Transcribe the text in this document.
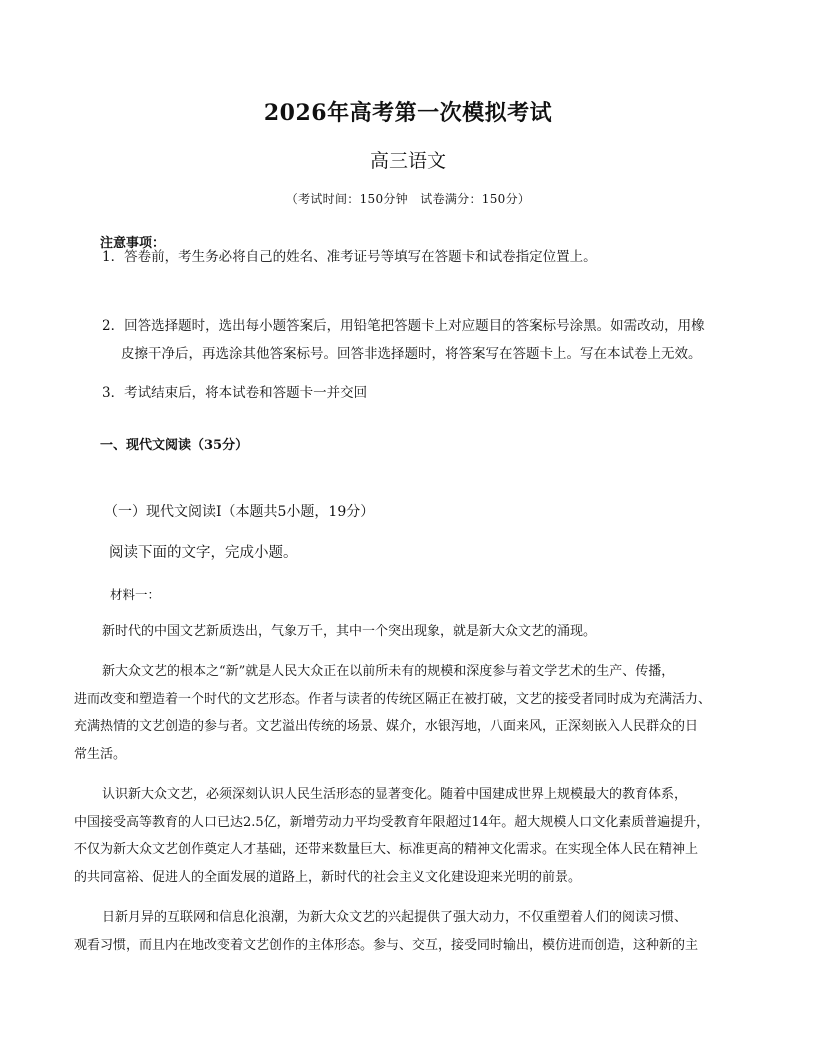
2026年高考第一次模拟考试
高三语文
（考试时间：150分钟　试卷满分：150分）
注意事项：
1．答卷前，考生务必将自己的姓名、准考证号等填写在答题卡和试卷指定位置上。
2．回答选择题时，选出每小题答案后，用铅笔把答题卡上对应题目的答案标号涂黑。如需改动，用橡
皮擦干净后，再选涂其他答案标号。回答非选择题时，将答案写在答题卡上。写在本试卷上无效。
3．考试结束后，将本试卷和答题卡一并交回
一、现代文阅读（35分）
（一）现代文阅读Ⅰ（本题共5小题，19分）
阅读下面的文字，完成小题。
材料一：
新时代的中国文艺新质迭出，气象万千，其中一个突出现象，就是新大众文艺的涌现。
新大众文艺的根本之“新”就是人民大众正在以前所未有的规模和深度参与着文学艺术的生产、传播，
进而改变和塑造着一个时代的文艺形态。作者与读者的传统区隔正在被打破，文艺的接受者同时成为充满活力、
充满热情的文艺创造的参与者。文艺溢出传统的场景、媒介，水银泻地，八面来风，正深刻嵌入人民群众的日
常生活。
认识新大众文艺，必须深刻认识人民生活形态的显著变化。随着中国建成世界上规模最大的教育体系，
中国接受高等教育的人口已达2.5亿，新增劳动力平均受教育年限超过14年。超大规模人口文化素质普遍提升，
不仅为新大众文艺创作奠定人才基础，还带来数量巨大、标准更高的精神文化需求。在实现全体人民在精神上
的共同富裕、促进人的全面发展的道路上，新时代的社会主义文化建设迎来光明的前景。
日新月异的互联网和信息化浪潮，为新大众文艺的兴起提供了强大动力，不仅重塑着人们的阅读习惯、
观看习惯，而且内在地改变着文艺创作的主体形态。参与、交互，接受同时输出，模仿进而创造，这种新的主
